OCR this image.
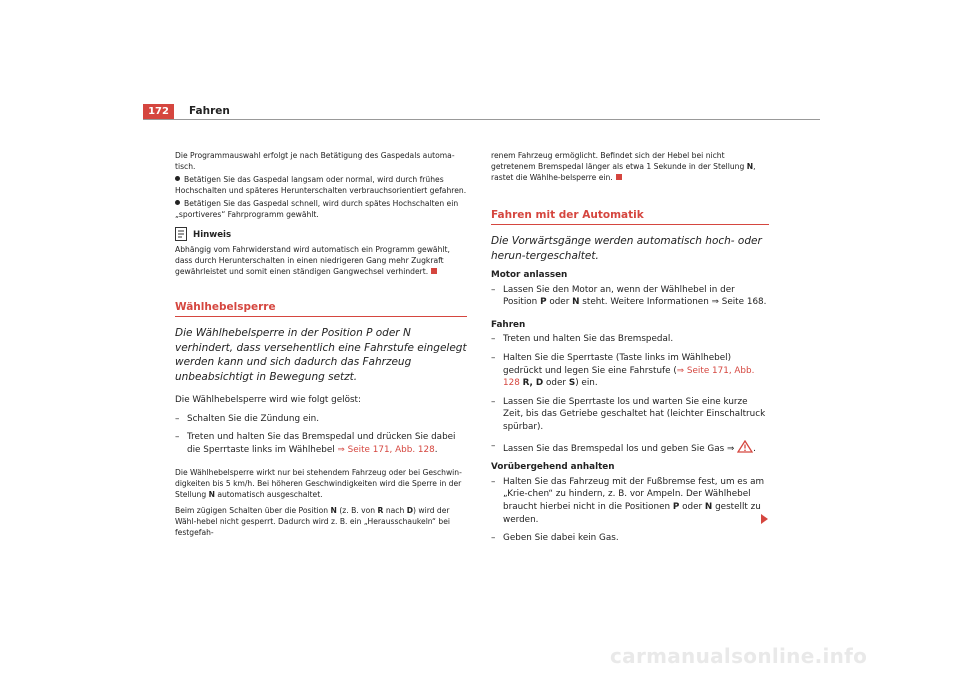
172	Fahren

Die Programmauswahl erfolgt je nach Betätigung des Gaspedals automa-tisch.

Betätigen Sie das Gaspedal langsam oder normal, wird durch frühes Hochschalten und späteres Herunterschalten verbrauchsorientiert gefahren.

Betätigen Sie das Gaspedal schnell, wird durch spätes Hochschalten ein „sportiveres“ Fahrprogramm gewählt.

Hinweis

Abhängig vom Fahrwiderstand wird automatisch ein Programm gewählt, dass durch Herunterschalten in einen niedrigeren Gang mehr Zugkraft gewährleistet und somit einen ständigen Gangwechsel verhindert.

Wählhebelsperre

Die Wählhebelsperre in der Position P oder N verhindert, dass versehentlich eine Fahrstufe eingelegt werden kann und sich dadurch das Fahrzeug unbeabsichtigt in Bewegung setzt.

Die Wählhebelsperre wird wie folgt gelöst:

– Schalten Sie die Zündung ein.

– Treten und halten Sie das Bremspedal und drücken Sie dabei die Sperrtaste links im Wählhebel ⇒ Seite 171, Abb. 128.

Die Wählhebelsperre wirkt nur bei stehendem Fahrzeug oder bei Geschwin-digkeiten bis 5 km/h. Bei höheren Geschwindigkeiten wird die Sperre in der Stellung N automatisch ausgeschaltet.

Beim zügigen Schalten über die Position N (z. B. von R nach D) wird der Wähl-hebel nicht gesperrt. Dadurch wird z. B. ein „Herausschaukeln“ bei festgefah-

renem Fahrzeug ermöglicht. Befindet sich der Hebel bei nicht getretenem Bremspedal länger als etwa 1 Sekunde in der Stellung N, rastet die Wählhe-belsperre ein.

Fahren mit der Automatik

Die Vorwärtsgänge werden automatisch hoch- oder herun-tergeschaltet.

Motor anlassen

– Lassen Sie den Motor an, wenn der Wählhebel in der Position P oder N steht. Weitere Informationen ⇒ Seite 168.

Fahren

– Treten und halten Sie das Bremspedal.

– Halten Sie die Sperrtaste (Taste links im Wählhebel) gedrückt und legen Sie eine Fahrstufe (⇒ Seite 171, Abb. 128 R, D oder S) ein.

– Lassen Sie die Sperrtaste los und warten Sie eine kurze Zeit, bis das Getriebe geschaltet hat (leichter Einschaltruck spürbar).

– Lassen Sie das Bremspedal los und geben Sie Gas ⇒ .

Vorübergehend anhalten

– Halten Sie das Fahrzeug mit der Fußbremse fest, um es am „Krie-chen“ zu hindern, z. B. vor Ampeln. Der Wählhebel braucht hierbei nicht in die Positionen P oder N gestellt zu werden.

– Geben Sie dabei kein Gas.

carmanualsonline.info
